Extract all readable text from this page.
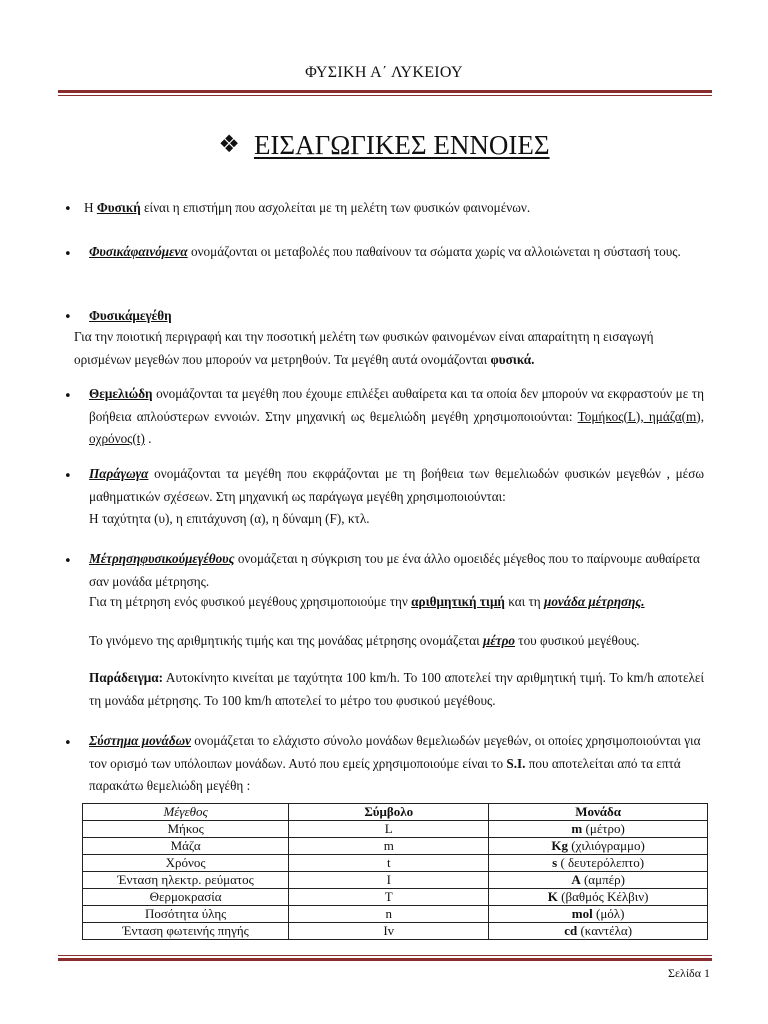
ΦΥΣΙΚΗ Α΄ ΛΥΚΕΙΟΥ
❖ ΕΙΣΑΓΩΓΙΚΕΣ ΕΝΝΟΙΕΣ
• Η Φυσική είναι η επιστήμη που ασχολείται με τη μελέτη των φυσικών φαινομένων.
• Φυσικάφαινόμενα ονομάζονται οι μεταβολές που παθαίνουν τα σώματα χωρίς να αλλοιώνεται η σύστασή τους.
• Φυσικάμεγέθη
Για την ποιοτική περιγραφή και την ποσοτική μελέτη των φυσικών φαινομένων είναι απαραίτητη η εισαγωγή ορισμένων μεγεθών που μπορούν να μετρηθούν. Τα μεγέθη αυτά ονομάζονται φυσικά.
• Θεμελιώδη ονομάζονται τα μεγέθη που έχουμε επιλέξει αυθαίρετα και τα οποία δεν μπορούν να εκφραστούν με τη βοήθεια απλούστερων εννοιών. Στην μηχανική ως θεμελιώδη μεγέθη χρησιμοποιούνται: Τομήκος(L), ημάζα(m), οχρόνος(t) .
• Παράγωγα ονομάζονται τα μεγέθη που εκφράζονται με τη βοήθεια των θεμελιωδών φυσικών μεγεθών , μέσω μαθηματικών σχέσεων. Στη μηχανική ως παράγωγα μεγέθη χρησιμοποιούνται:
Η ταχύτητα (υ), η επιτάχυνση (α), η δύναμη (F), κτλ.
• Μέτρησηφυσικούμεγέθους ονομάζεται η σύγκριση του με ένα άλλο ομοειδές μέγεθος που το παίρνουμε αυθαίρετα σαν μονάδα μέτρησης.
Για τη μέτρηση ενός φυσικού μεγέθους χρησιμοποιούμε την αριθμητική τιμή και τη μονάδα μέτρησης.
Το γινόμενο της αριθμητικής τιμής και της μονάδας μέτρησης ονομάζεται μέτρο του φυσικού μεγέθους.
Παράδειγμα: Αυτοκίνητο κινείται με ταχύτητα 100 km/h. Το 100 αποτελεί την αριθμητική τιμή. Το km/h αποτελεί τη μονάδα μέτρησης. Το 100 km/h αποτελεί το μέτρο του φυσικού μεγέθους.
• Σύστημα μονάδων ονομάζεται το ελάχιστο σύνολο μονάδων θεμελιωδών μεγεθών, οι οποίες χρησιμοποιούνται για τον ορισμό των υπόλοιπων μονάδων. Αυτό που εμείς χρησιμοποιούμε είναι το S.I. που αποτελείται από τα επτά παρακάτω θεμελιώδη μεγέθη :
Μέγεθος	Σύμβολο	Μονάδα
Μήκος	L	m (μέτρο)
Μάζα	m	Kg (χιλιόγραμμο)
Χρόνος	t	s ( δευτερόλεπτο)
Ένταση ηλεκτρ. ρεύματος	I	A (αμπέρ)
Θερμοκρασία	T	K (βαθμός Κέλβιν)
Ποσότητα ύλης	n	mol (μόλ)
Ένταση φωτεινής πηγής	Iv	cd (καντέλα)
Σελίδα 1
